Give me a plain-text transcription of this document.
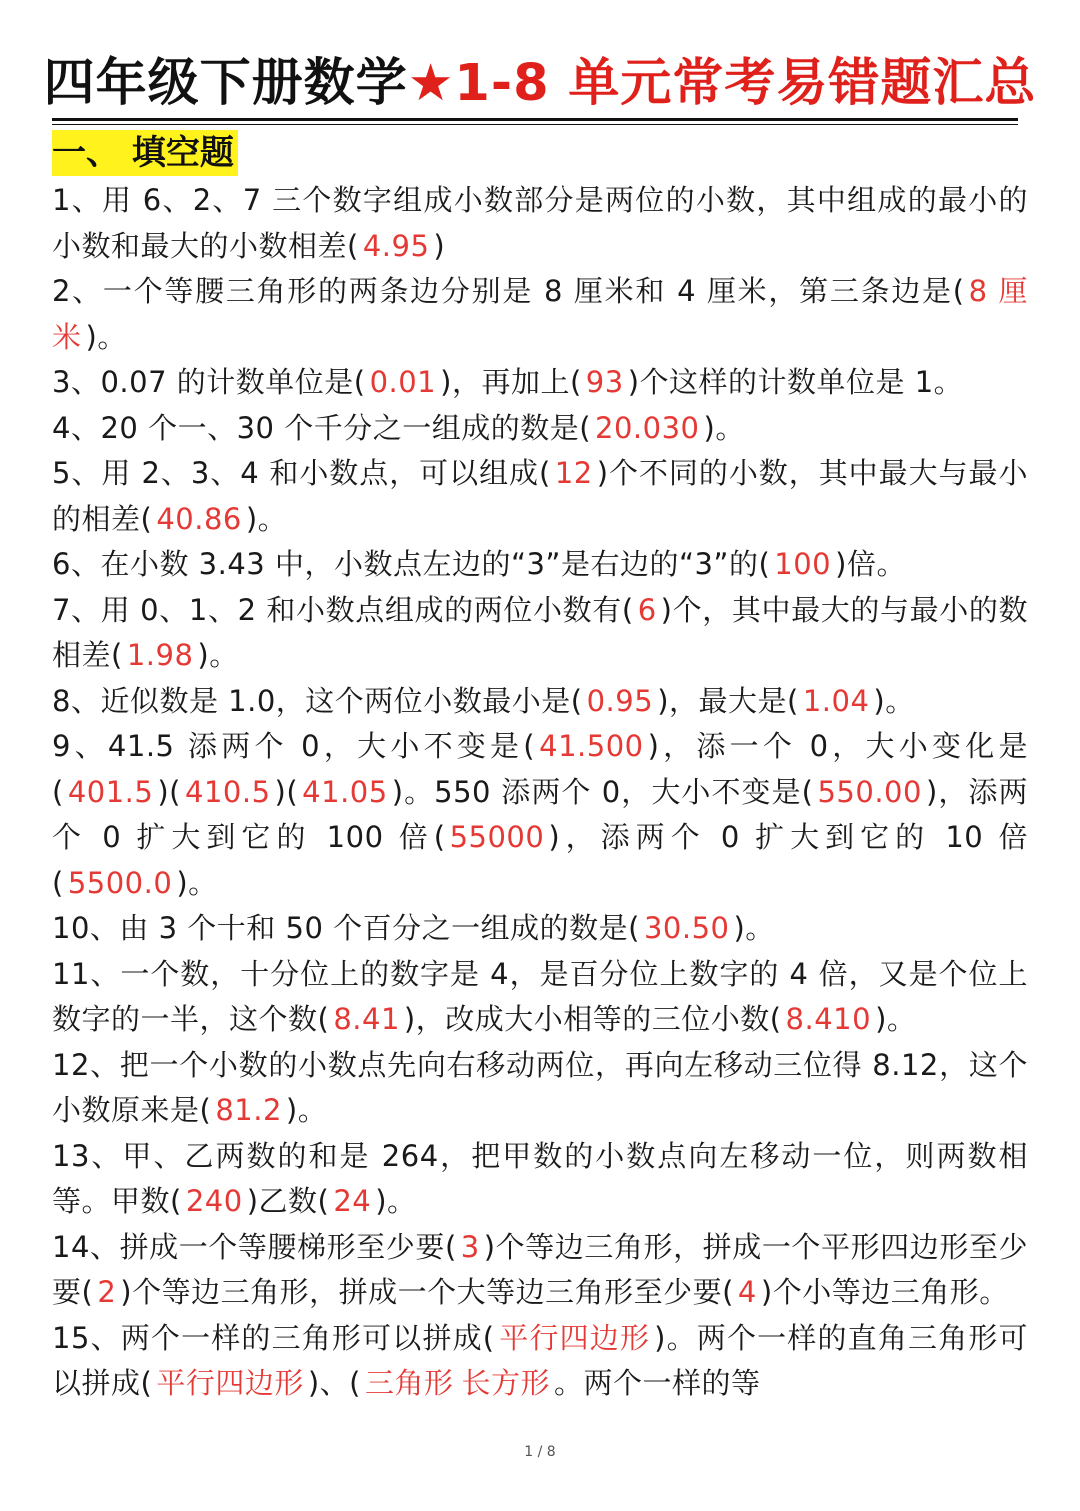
四年级下册数学★1-8 单元常考易错题汇总
一、 填空题

1、用 6、2、7 三个数字组成小数部分是两位的小数，其中组成的最小的小数和最大的小数相差( 4.95 )

2、一个等腰三角形的两条边分别是 8 厘米和 4 厘米，第三条边是( 8 厘米 )。

3、0.07 的计数单位是( 0.01 )，再加上( 93 )个这样的计数单位是 1。

4、20 个一、30 个千分之一组成的数是( 20.030 )。

5、用 2、3、4 和小数点，可以组成( 12 )个不同的小数，其中最大与最小的相差( 40.86 )。

6、在小数 3.43 中，小数点左边的“3”是右边的“3”的( 100 )倍。

7、用 0、1、2 和小数点组成的两位小数有( 6 )个，其中最大的与最小的数相差( 1.98 )。

8、近似数是 1.0，这个两位小数最小是( 0.95 )，最大是( 1.04 )。

9、41.5 添两个 0，大小不变是( 41.500 )，添一个 0，大小变化是( 401.5 )( 410.5 )( 41.05 )。550 添两个 0，大小不变是( 550.00 )，添两个 0 扩大到它的 100 倍( 55000 )，添两个 0 扩大到它的 10 倍( 5500.0 )。

10、由 3 个十和 50 个百分之一组成的数是( 30.50 )。

11、一个数，十分位上的数字是 4，是百分位上数字的 4 倍，又是个位上数字的一半，这个数( 8.41 )，改成大小相等的三位小数( 8.410 )。

12、把一个小数的小数点先向右移动两位，再向左移动三位得 8.12，这个小数原来是( 81.2 )。

13、甲、乙两数的和是 264，把甲数的小数点向左移动一位，则两数相等。甲数( 240 )乙数( 24 )。

14、拼成一个等腰梯形至少要( 3 )个等边三角形，拼成一个平形四边形至少要( 2 )个等边三角形，拼成一个大等边三角形至少要( 4 )个小等边三角形。

15、两个一样的三角形可以拼成( 平行四边形 )。两个一样的直角三角形可以拼成( 平行四边形 )、( 三角形 长方形 。两个一样的等

1 / 8
